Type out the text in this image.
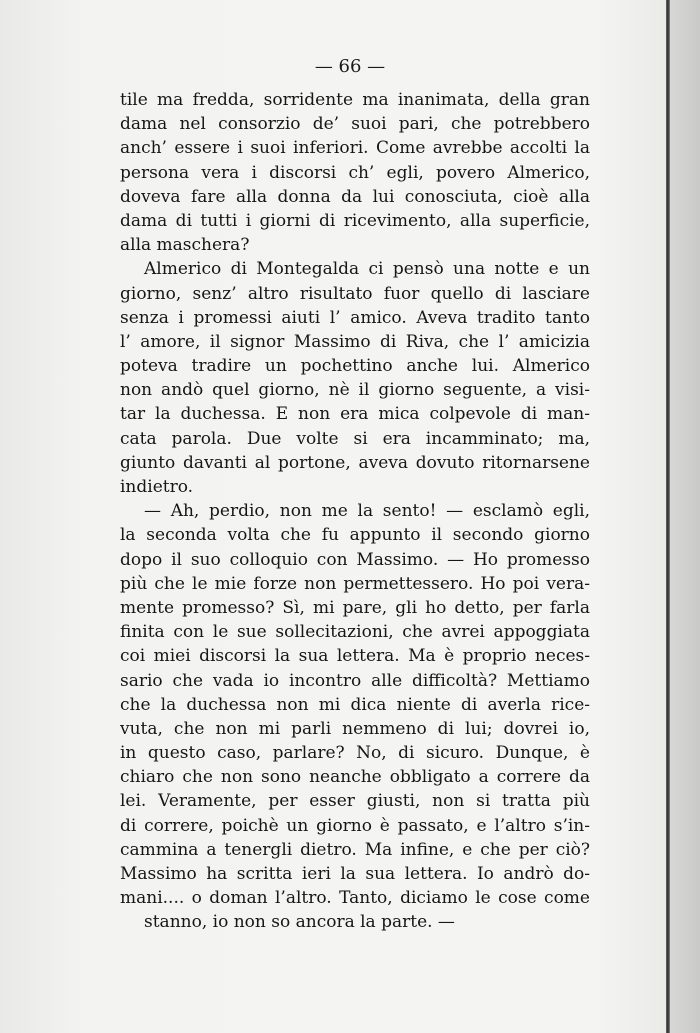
— 66 —
tile ma fredda, sorridente ma inanimata, della gran
dama nel consorzio de’ suoi pari, che potrebbero
anch’ essere i suoi inferiori. Come avrebbe accolti la
persona vera i discorsi ch’ egli, povero Almerico,
doveva fare alla donna da lui conosciuta, cioè alla
dama di tutti i giorni di ricevimento, alla superficie,
alla maschera?
Almerico di Montegalda ci pensò una notte e un
giorno, senz’ altro risultato fuor quello di lasciare
senza i promessi aiuti l’ amico. Aveva tradito tanto
l’ amore, il signor Massimo di Riva, che l’ amicizia
poteva tradire un pochettino anche lui. Almerico
non andò quel giorno, nè il giorno seguente, a visi-
tar la duchessa. E non era mica colpevole di man-
cata parola. Due volte si era incamminato; ma,
giunto davanti al portone, aveva dovuto ritornarsene
indietro.
— Ah, perdio, non me la sento! — esclamò egli,
la seconda volta che fu appunto il secondo giorno
dopo il suo colloquio con Massimo. — Ho promesso
più che le mie forze non permettessero. Ho poi vera-
mente promesso? Sì, mi pare, gli ho detto, per farla
finita con le sue sollecitazioni, che avrei appoggiata
coi miei discorsi la sua lettera. Ma è proprio neces-
sario che vada io incontro alle difficoltà? Mettiamo
che la duchessa non mi dica niente di averla rice-
vuta, che non mi parli nemmeno di lui; dovrei io,
in questo caso, parlare? No, di sicuro. Dunque, è
chiaro che non sono neanche obbligato a correre da
lei. Veramente, per esser giusti, non si tratta più
di correre, poichè un giorno è passato, e l’altro s’in-
cammina a tenergli dietro. Ma infine, e che per ciò?
Massimo ha scritta ieri la sua lettera. Io andrò do-
mani.... o doman l’altro. Tanto, diciamo le cose come
stanno, io non so ancora la parte. —
